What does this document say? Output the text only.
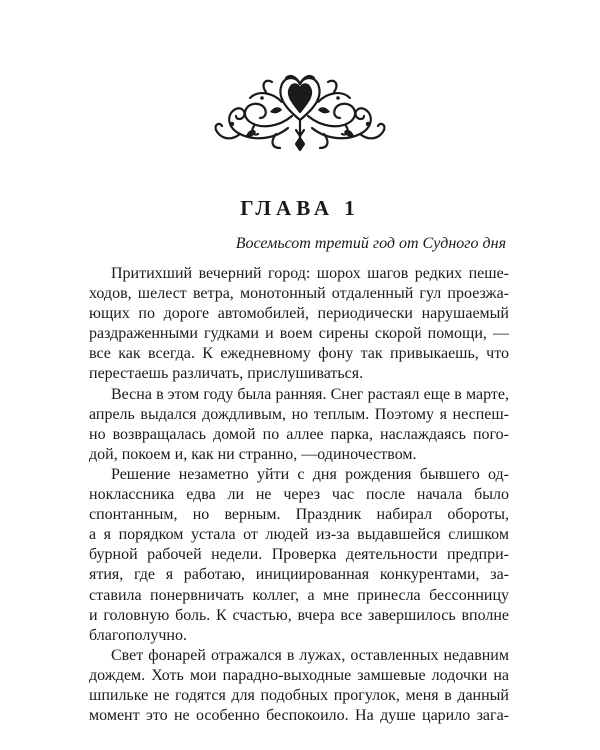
ГЛАВА 1
Восемьсот третий год от Судного дня
Притихший вечерний город: шорох шагов редких пеше-
ходов, шелест ветра, монотонный отдаленный гул проезжа-
ющих по дороге автомобилей, периодически нарушаемый
раздраженными гудками и воем сирены скорой помощи, —
все как всегда. К ежедневному фону так привыкаешь, что
перестаешь различать, прислушиваться.
Весна в этом году была ранняя. Снег растаял еще в марте,
апрель выдался дождливым, но теплым. Поэтому я неспеш-
но возвращалась домой по аллее парка, наслаждаясь пого-
дой, покоем и, как ни странно, —одиночеством.
Решение незаметно уйти с дня рождения бывшего од-
ноклассника едва ли не через час после начала было
спонтанным, но верным. Праздник набирал обороты,
а я порядком устала от людей из-за выдавшейся слишком
бурной рабочей недели. Проверка деятельности предпри-
ятия, где я работаю, инициированная конкурентами, за-
ставила понервничать коллег, а мне принесла бессонницу
и головную боль. К счастью, вчера все завершилось вполне
благополучно.
Свет фонарей отражался в лужах, оставленных недавним
дождем. Хоть мои парадно-выходные замшевые лодочки на
шпильке не годятся для подобных прогулок, меня в данный
момент это не особенно беспокоило. На душе царило зага-
